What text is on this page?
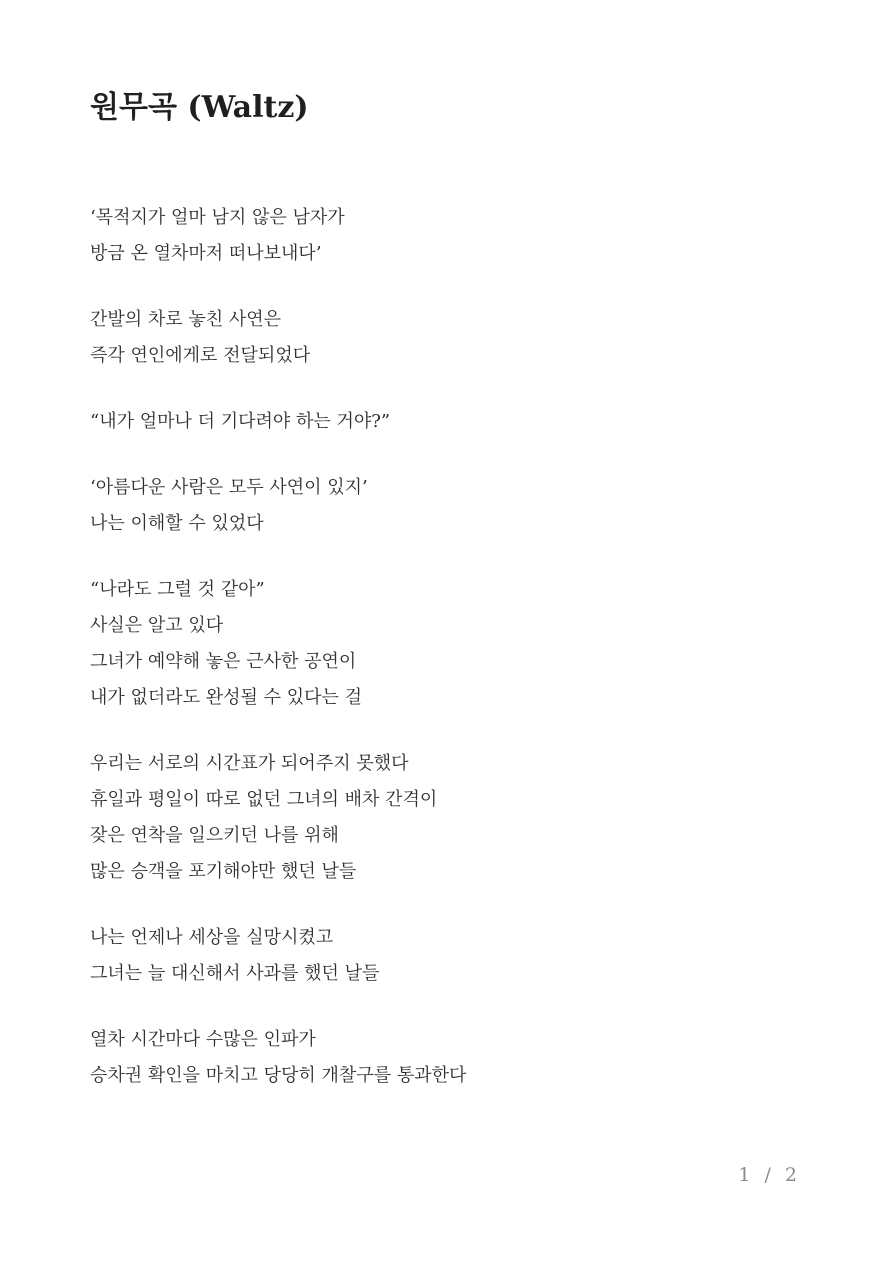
원무곡 (Waltz)
‘목적지가 얼마 남지 않은 남자가
방금 온 열차마저 떠나보내다’
간발의 차로 놓친 사연은
즉각 연인에게로 전달되었다
“내가 얼마나 더 기다려야 하는 거야?”
‘아름다운 사람은 모두 사연이 있지’
나는 이해할 수 있었다
“나라도 그럴 것 같아”
사실은 알고 있다
그녀가 예약해 놓은 근사한 공연이
내가 없더라도 완성될 수 있다는 걸
우리는 서로의 시간표가 되어주지 못했다
휴일과 평일이 따로 없던 그녀의 배차 간격이
잦은 연착을 일으키던 나를 위해
많은 승객을 포기해야만 했던 날들
나는 언제나 세상을 실망시켰고
그녀는 늘 대신해서 사과를 했던 날들
열차 시간마다 수많은 인파가
승차권 확인을 마치고 당당히 개찰구를 통과한다
1 / 2
